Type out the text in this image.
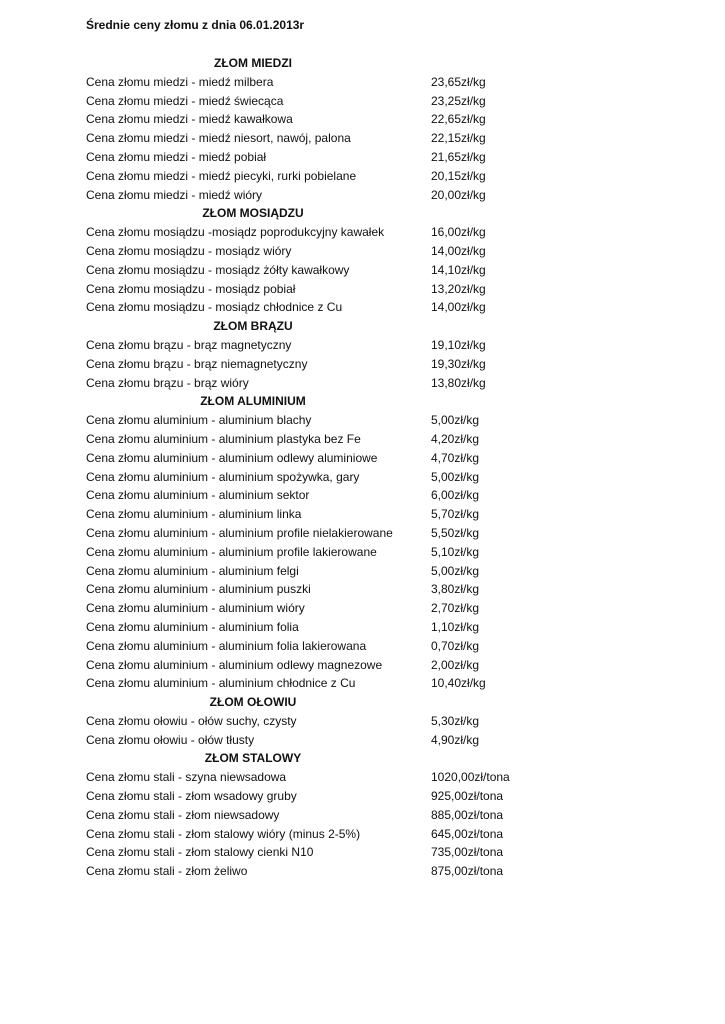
Średnie ceny złomu z dnia 06.01.2013r
ZŁOM MIEDZI
Cena złomu miedzi - miedź milbera	23,65zł/kg
Cena złomu miedzi - miedź świecąca	23,25zł/kg
Cena złomu miedzi - miedź kawałkowa	22,65zł/kg
Cena złomu miedzi - miedź niesort, nawój, palona	22,15zł/kg
Cena złomu miedzi - miedź pobiał	21,65zł/kg
Cena złomu miedzi - miedź piecyki, rurki pobielane	20,15zł/kg
Cena złomu miedzi - miedź wióry	20,00zł/kg
ZŁOM MOSIĄDZU
Cena złomu mosiądzu -mosiądz poprodukcyjny kawałek	16,00zł/kg
Cena złomu mosiądzu - mosiądz wióry	14,00zł/kg
Cena złomu mosiądzu - mosiądz żółty kawałkowy	14,10zł/kg
Cena złomu mosiądzu - mosiądz pobiał	13,20zł/kg
Cena złomu mosiądzu - mosiądz chłodnice z Cu	14,00zł/kg
ZŁOM BRĄZU
Cena złomu brązu - brąz magnetyczny	19,10zł/kg
Cena złomu brązu - brąz niemagnetyczny	19,30zł/kg
Cena złomu brązu - brąz wióry	13,80zł/kg
ZŁOM ALUMINIUM
Cena złomu aluminium - aluminium blachy	5,00zł/kg
Cena złomu aluminium - aluminium plastyka bez Fe	4,20zł/kg
Cena złomu aluminium - aluminium odlewy aluminiowe	4,70zł/kg
Cena złomu aluminium - aluminium spożywka, gary	5,00zł/kg
Cena złomu aluminium - aluminium sektor	6,00zł/kg
Cena złomu aluminium - aluminium linka	5,70zł/kg
Cena złomu aluminium - aluminium profile nielakierowane	5,50zł/kg
Cena złomu aluminium - aluminium profile lakierowane	5,10zł/kg
Cena złomu aluminium - aluminium felgi	5,00zł/kg
Cena złomu aluminium - aluminium puszki	3,80zł/kg
Cena złomu aluminium - aluminium wióry	2,70zł/kg
Cena złomu aluminium - aluminium folia	1,10zł/kg
Cena złomu aluminium - aluminium folia lakierowana	0,70zł/kg
Cena złomu aluminium - aluminium odlewy magnezowe	2,00zł/kg
Cena złomu aluminium - aluminium chłodnice z Cu	10,40zł/kg
ZŁOM OŁOWIU
Cena złomu ołowiu - ołów suchy, czysty	5,30zł/kg
Cena złomu ołowiu - ołów tłusty	4,90zł/kg
ZŁOM STALOWY
Cena złomu stali - szyna niewsadowa	1020,00zł/tona
Cena złomu stali - złom wsadowy gruby	925,00zł/tona
Cena złomu stali - złom niewsadowy	885,00zł/tona
Cena złomu stali - złom stalowy wióry (minus 2-5%)	645,00zł/tona
Cena złomu stali - złom stalowy cienki N10	735,00zł/tona
Cena złomu stali - złom żeliwo	875,00zł/tona
